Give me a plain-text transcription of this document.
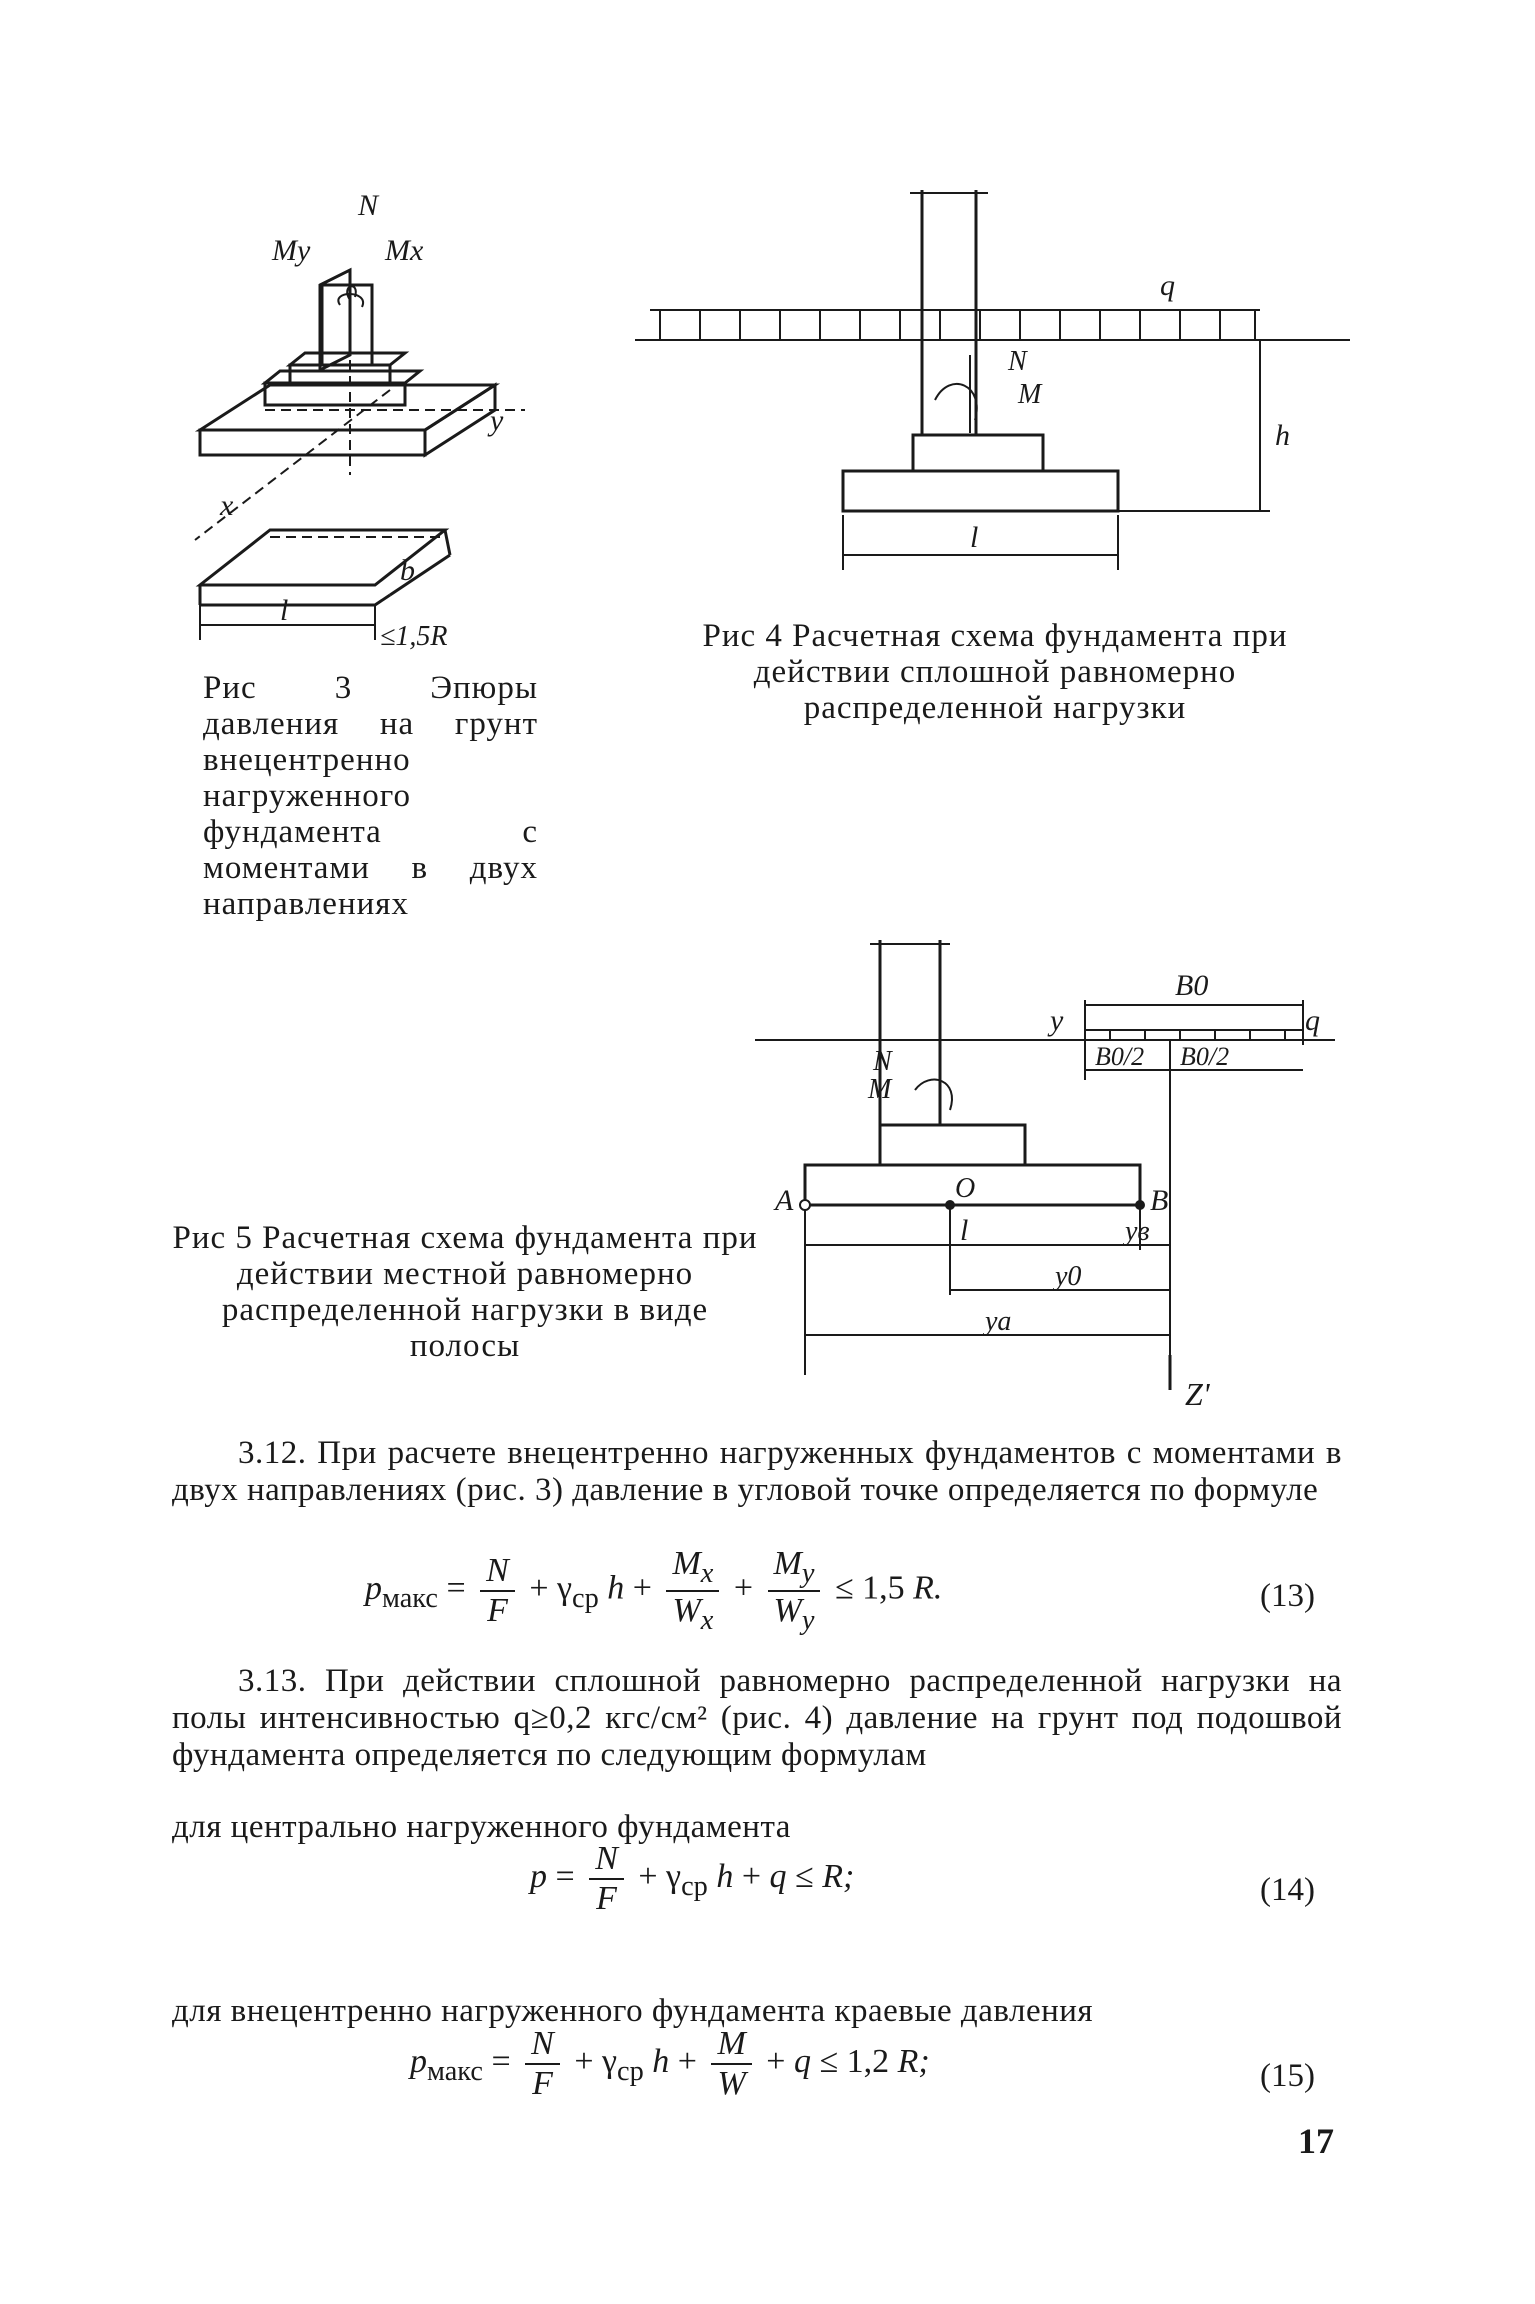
N
My Mx
y
x
b
l
≤1,5R
Рис 3 Эпюры давления на грунт внецентренно нагруженного фундамента с моментами в двух направлениях
q
N
M
h
l
Рис 4 Расчетная схема фундамента при действии сплошной равномерно распределенной нагрузки
B0
q
y
B0/2 B0/2
N
M
A	O	B
l	yв
y0
ya
Z'
Рис 5 Расчетная схема фундамента при действии местной равномерно распределенной нагрузки в виде полосы
3.12. При расчете внецентренно нагруженных фундаментов с моментами в двух направлениях (рис. 3) давление в угловой точке определяется по формуле
$p_{макс} = \frac{N}{F} + \gamma_{ср}$ $h + \frac{M_x}{W_x} + \frac{M_y}{W_y} \le 1,5$ R.	(13)
3.13. При действии сплошной равномерно распределенной нагрузки на полы интенсивностью q≥0,2 кгс/см² (рис. 4) давление на грунт под подошвой фундамента определяется по следующим формулам
для центрально нагруженного фундамента
$p = \frac{N}{F} + \gamma_{ср}$ h + q ≤ R;	(14)
для внецентренно нагруженного фундамента краевые давления
$p_{макс} = \frac{N}{F} + \gamma_{ср}$ $h + \frac{M}{W} + q \le 1,2$ R;	(15)
17
